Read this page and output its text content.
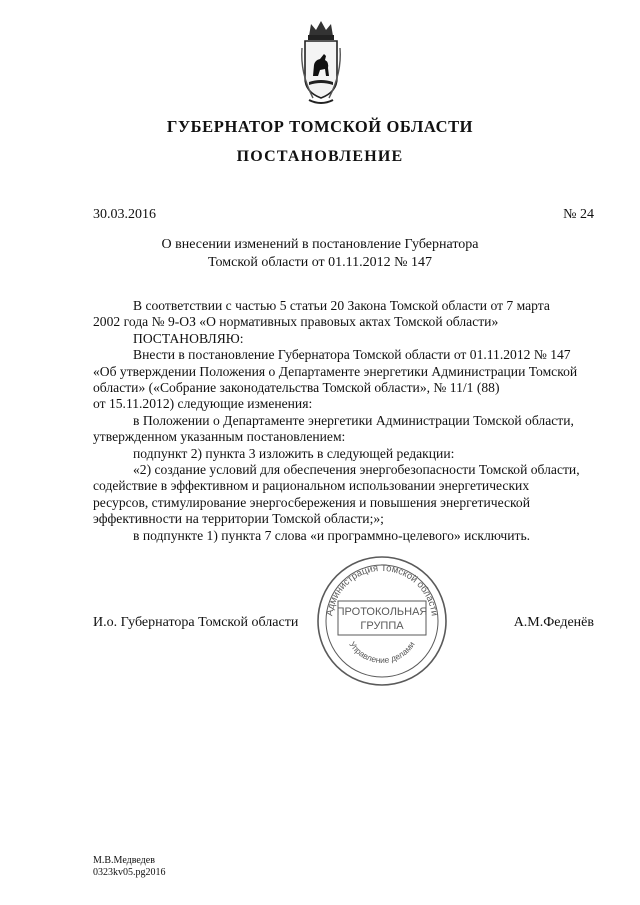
ГУБЕРНАТОР ТОМСКОЙ ОБЛАСТИ
ПОСТАНОВЛЕНИЕ
30.03.2016	№ 24
О внесении изменений в постановление Губернатора
Томской области от 01.11.2012 № 147

В соответствии с частью 5 статьи 20 Закона Томской области от 7 марта

2002 года № 9-ОЗ «О нормативных правовых актах Томской области»

ПОСТАНОВЛЯЮ:

Внести в постановление Губернатора Томской области от 01.11.2012 № 147

«Об утверждении Положения о Департаменте энергетики Администрации Томской

области» («Собрание законодательства Томской области», № 11/1 (88)

от 15.11.2012) следующие изменения:

в Положении о Департаменте энергетики Администрации Томской области,

утвержденном указанным постановлением:

подпункт 2) пункта 3 изложить в следующей редакции:

«2) создание условий для обеспечения энергобезопасности Томской области,

содействие в эффективном и рациональном использовании энергетических

ресурсов, стимулирование энергосбережения и повышения энергетической

эффективности на территории Томской области;»;

в подпункте 1) пункта 7 слова «и программно-целевого» исключить.

И.о. Губернатора Томской области	А.М.Феденёв
Администрация Томской области
Управление делами
ПРОТОКОЛЬНАЯ
ГРУППА
М.В.Медведев
0323kv05.pg2016
